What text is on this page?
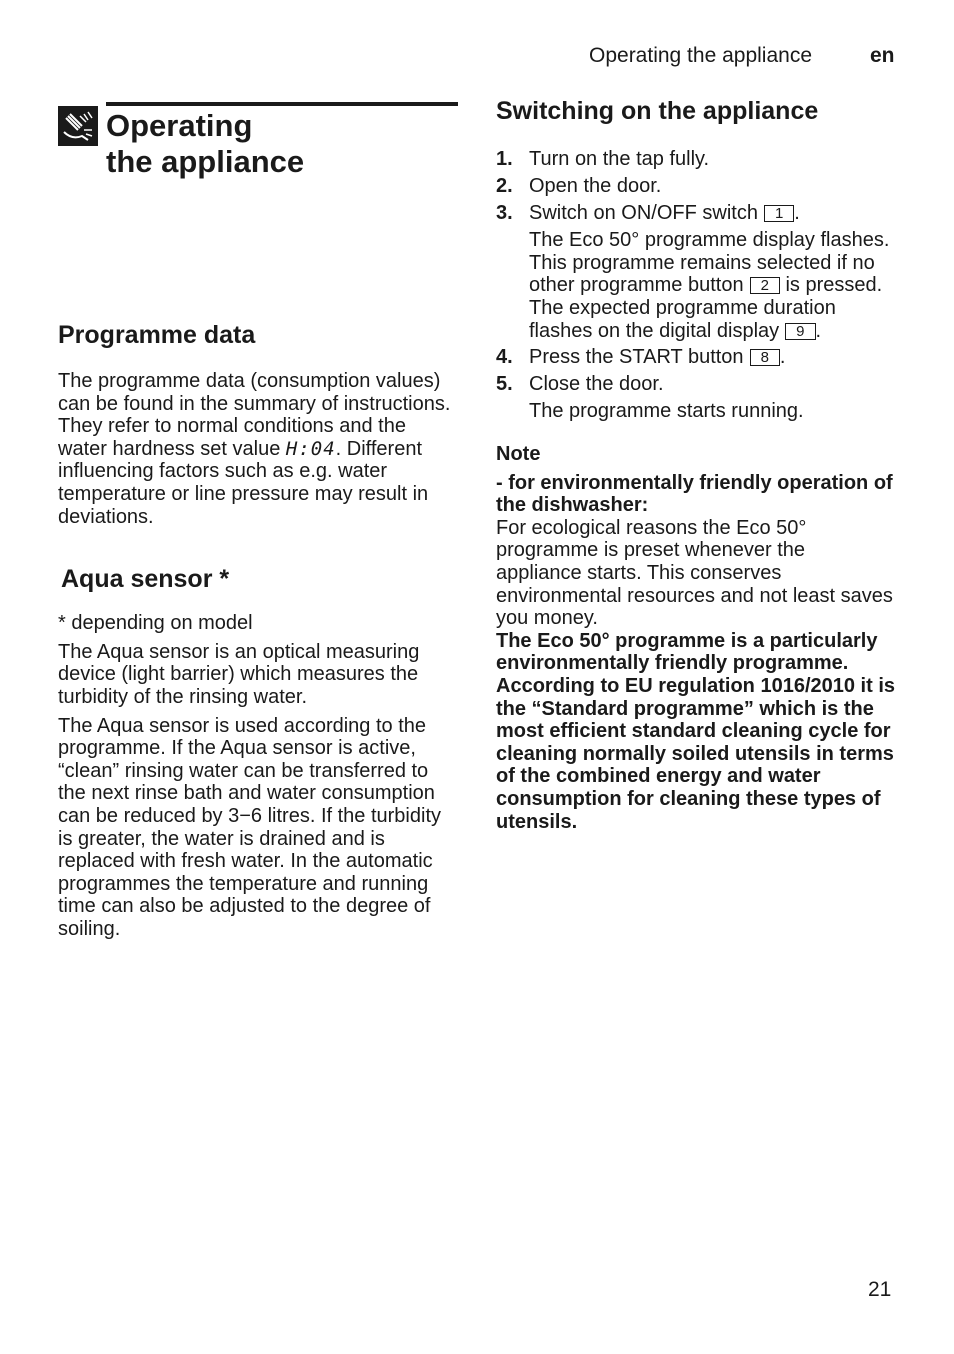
Operating the appliance	en
Operating
the appliance
Programme data

The programme data (consumption values) can be found in the summary of instructions. They refer to normal conditions and the water hardness set value H:04. Different influencing factors such as e.g. water temperature or line pressure may result in deviations.

Aqua sensor *

* depending on model

The Aqua sensor is an optical measuring device (light barrier) which measures the turbidity of the rinsing water.

The Aqua sensor is used according to the programme. If the Aqua sensor is active, “clean” rinsing water can be transferred to the next rinse bath and water consumption can be reduced by 3−6 litres. If the turbidity is greater, the water is drained and is replaced with fresh water. In the automatic programmes the temperature and running time can also be adjusted to the degree of soiling.

Switching on the appliance
1. Turn on the tap fully.
2. Open the door.
3. Switch on ON/OFF switch 1 .
The Eco 50° programme display flashes. This programme remains selected if no other programme button 2 is pressed. The expected programme duration flashes on the digital display 9 .
4. Press the START button 8 .
5. Close the door.
The programme starts running.
Note

- for environmentally friendly operation of the dishwasher:

For ecological reasons the Eco 50° programme is preset whenever the appliance starts. This conserves environmental resources and not least saves you money.

The Eco 50° programme is a particularly environmentally friendly programme. According to EU regulation 1016/2010 it is the “Standard programme” which is the most efficient standard cleaning cycle for cleaning normally soiled utensils in terms of the combined energy and water consumption for cleaning these types of utensils.

21
